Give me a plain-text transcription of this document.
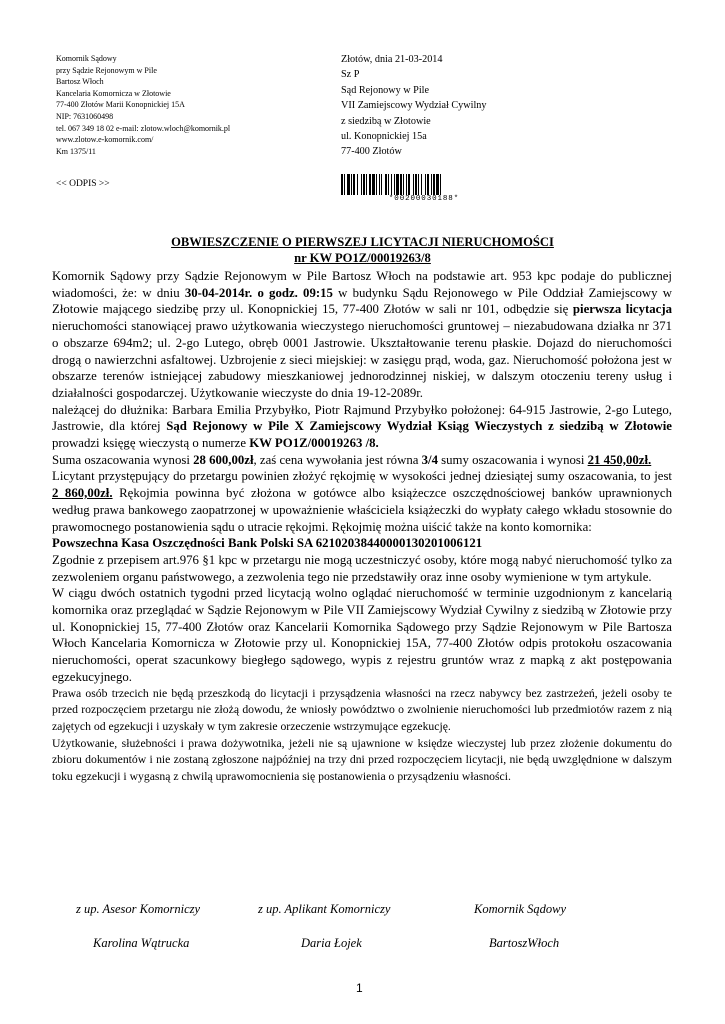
Komornik Sądowy
przy Sądzie Rejonowym w Pile
Bartosz Włoch
Kancelaria Komornicza w Złotowie
77-400 Złotów Marii Konopnickiej 15A
NIP: 7631060498
tel. 067 349 18 02 e-mail: zlotow.wloch@komornik.pl
www.zlotow.e-komornik.com/
Km 1375/11
<< ODPIS >>
Złotów, dnia 21-03-2014
Sz P
Sąd Rejonowy w Pile
VII Zamiejscowy Wydział Cywilny
z siedzibą w Złotowie
ul. Konopnickiej 15a
77-400 Złotów
*00200030188*
OBWIESZCZENIE O PIERWSZEJ LICYTACJI NIERUCHOMOŚCI
nr KW PO1Z/00019263/8

Komornik Sądowy przy Sądzie Rejonowym w Pile Bartosz Włoch na podstawie art. 953 kpc podaje do publicznej wiadomości, że: w dniu 30-04-2014r. o godz. 09:15 w budynku Sądu Rejonowego w Pile Oddział Zamiejscowy w Złotowie mającego siedzibę przy ul. Konopnickiej 15, 77-400 Złotów w sali nr 101, odbędzie się pierwsza licytacja nieruchomości stanowiącej prawo użytkowania wieczystego nieruchomości gruntowej – niezabudowana działka nr 371 o obszarze 694m2; ul. 2-go Lutego, obręb 0001 Jastrowie. Ukształtowanie terenu płaskie. Dojazd do nieruchomości drogą o nawierzchni asfaltowej. Uzbrojenie z sieci miejskiej: w zasięgu prąd, woda, gaz. Nieruchomość położona jest w obszarze terenów istniejącej zabudowy mieszkaniowej jednorodzinnej niskiej, w dalszym otoczeniu tereny usług i działalności gospodarczej. Użytkowanie wieczyste do dnia 19-12-2089r.

należącej do dłużnika: Barbara Emilia Przybyłko, Piotr Rajmund Przybyłko położonej: 64-915 Jastrowie, 2-go Lutego, Jastrowie, dla której Sąd Rejonowy w Pile X Zamiejscowy Wydział Ksiąg Wieczystych z siedzibą w Złotowie prowadzi księgę wieczystą o numerze KW PO1Z/00019263 /8.

Suma oszacowania wynosi 28 600,00zł, zaś cena wywołania jest równa 3/4 sumy oszacowania i wynosi 21 450,00zł.

Licytant przystępujący do przetargu powinien złożyć rękojmię w wysokości jednej dziesiątej sumy oszacowania, to jest 2 860,00zł. Rękojmia powinna być złożona w gotówce albo książeczce oszczędnościowej banków uprawnionych według prawa bankowego zaopatrzonej w upoważnienie właściciela książeczki do wypłaty całego wkładu stosownie do prawomocnego postanowienia sądu o utracie rękojmi. Rękojmię można uiścić także na konto komornika:

Powszechna Kasa Oszczędności Bank Polski SA 62102038440000130201006121

Zgodnie z przepisem art.976 §1 kpc w przetargu nie mogą uczestniczyć osoby, które mogą nabyć nieruchomość tylko za zezwoleniem organu państwowego, a zezwolenia tego nie przedstawiły oraz inne osoby wymienione w tym artykule.

W ciągu dwóch ostatnich tygodni przed licytacją wolno oglądać nieruchomość w terminie uzgodnionym z kancelarią komornika oraz przeglądać w Sądzie Rejonowym w Pile VII Zamiejscowy Wydział Cywilny z siedzibą w Złotowie przy ul. Konopnickiej 15, 77-400 Złotów oraz Kancelarii Komornika Sądowego przy Sądzie Rejonowym w Pile Bartosza Włoch Kancelaria Komornicza w Złotowie przy ul. Konopnickiej 15A, 77-400 Złotów odpis protokołu oszacowania nieruchomości, operat szacunkowy biegłego sądowego, wypis z rejestru gruntów wraz z mapką z akt postępowania egzekucyjnego.

Prawa osób trzecich nie będą przeszkodą do licytacji i przysądzenia własności na rzecz nabywcy bez zastrzeżeń, jeżeli osoby te przed rozpoczęciem przetargu nie złożą dowodu, że wniosły powództwo o zwolnienie nieruchomości lub przedmiotów razem z nią zajętych od egzekucji i uzyskały w tym zakresie orzeczenie wstrzymujące egzekucję.

Użytkowanie, służebności i prawa dożywotnika, jeżeli nie są ujawnione w księdze wieczystej lub przez złożenie dokumentu do zbioru dokumentów i nie zostaną zgłoszone najpóźniej na trzy dni przed rozpoczęciem licytacji, nie będą uwzględnione w dalszym toku egzekucji i wygasną z chwilą uprawomocnienia się postanowienia o przysądzeniu własności.

z up. Asesor Komorniczy	z up. Aplikant Komorniczy	Komornik Sądowy
Karolina Wątrucka	Daria Łojek	BartoszWłoch
1
